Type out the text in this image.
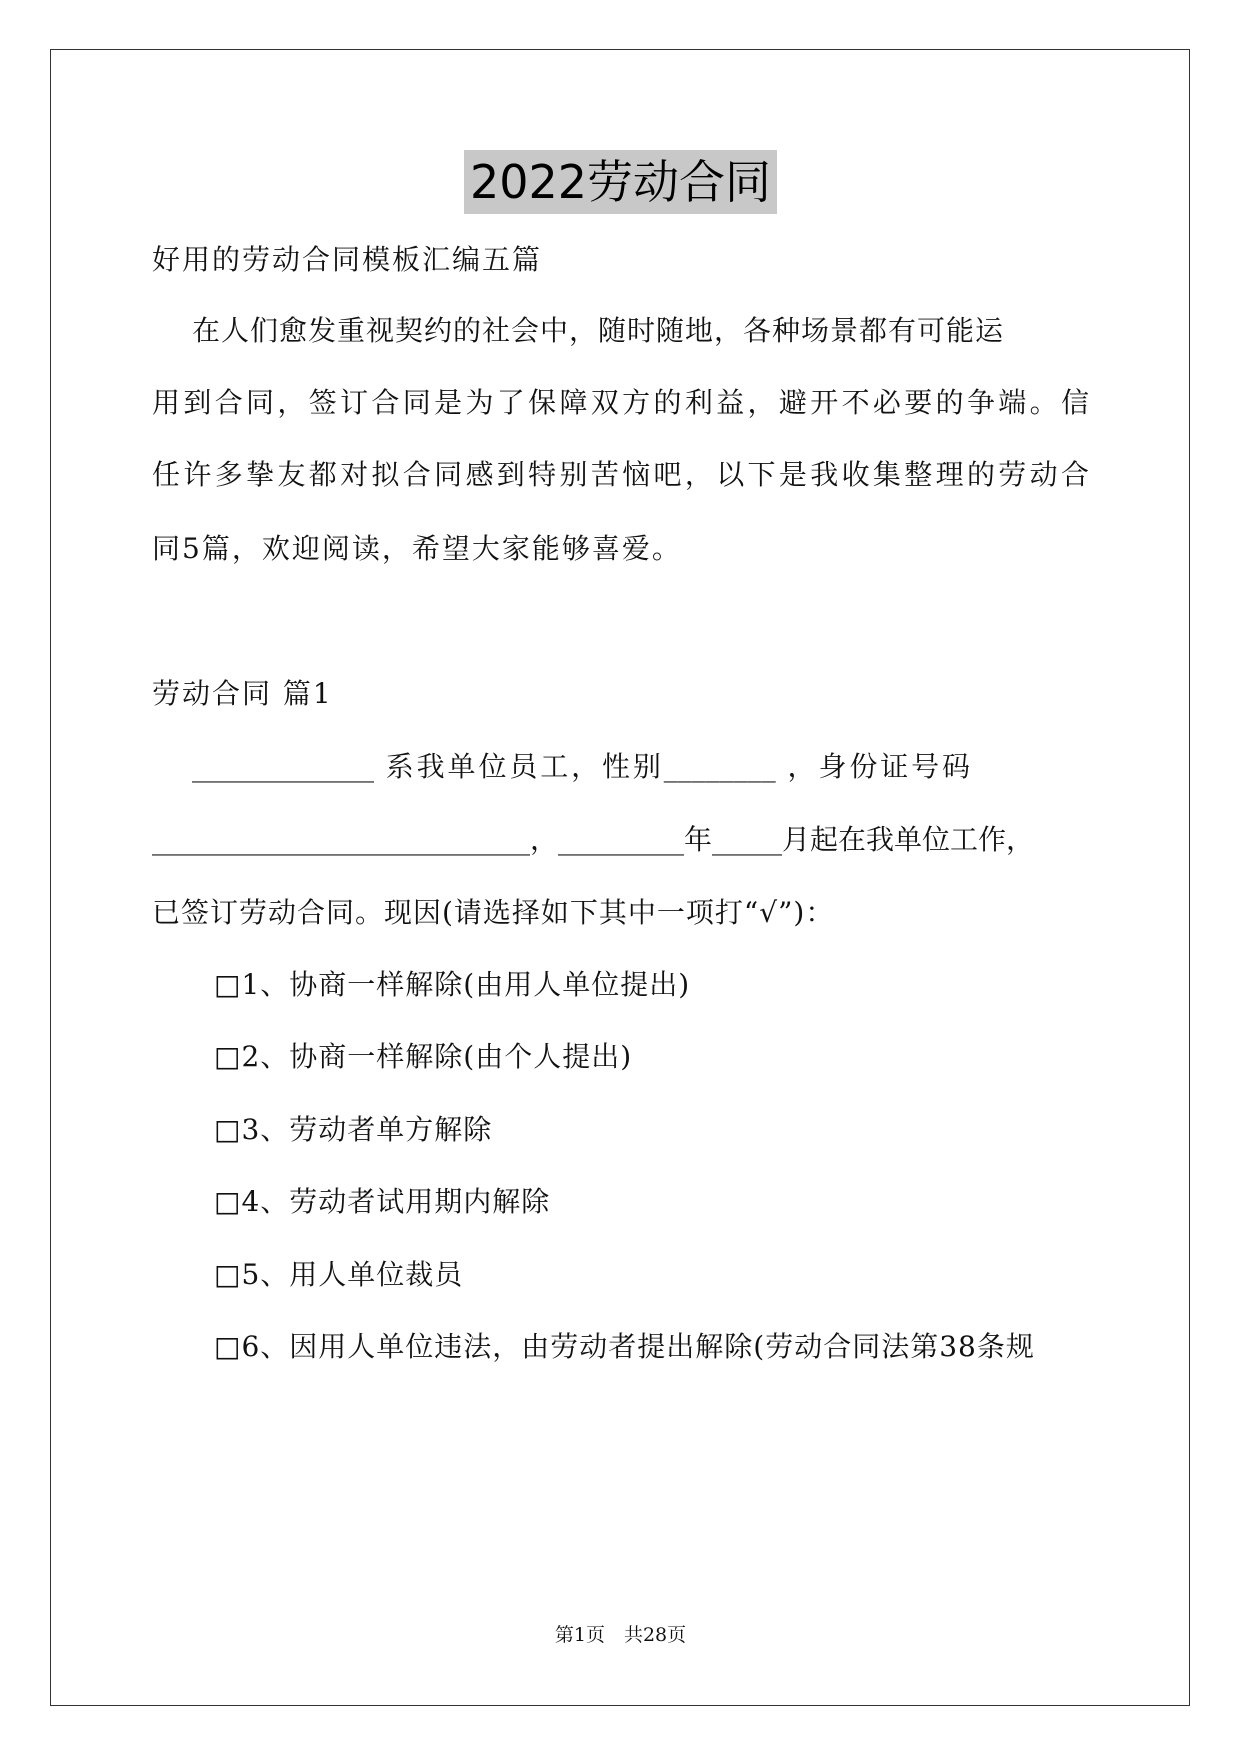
2022劳动合同
好用的劳动合同模板汇编五篇
在人们愈发重视契约的社会中，随时随地，各种场景都有可能运
用到合同，签订合同是为了保障双方的利益，避开不必要的争端。信
任许多挚友都对拟合同感到特别苦恼吧，以下是我收集整理的劳动合
同5篇，欢迎阅读，希望大家能够喜爱。
劳动合同 篇1
_____________ 系我单位员工，性别________ ，身份证号码
___________________________，_________年_____月起在我单位工作，
已签订劳动合同。现因(请选择如下其中一项打“√”)：
□1、协商一样解除(由用人单位提出)
□2、协商一样解除(由个人提出)
□3、劳动者单方解除
□4、劳动者试用期内解除
□5、用人单位裁员
□6、因用人单位违法，由劳动者提出解除(劳动合同法第38条规
第1页　共28页
